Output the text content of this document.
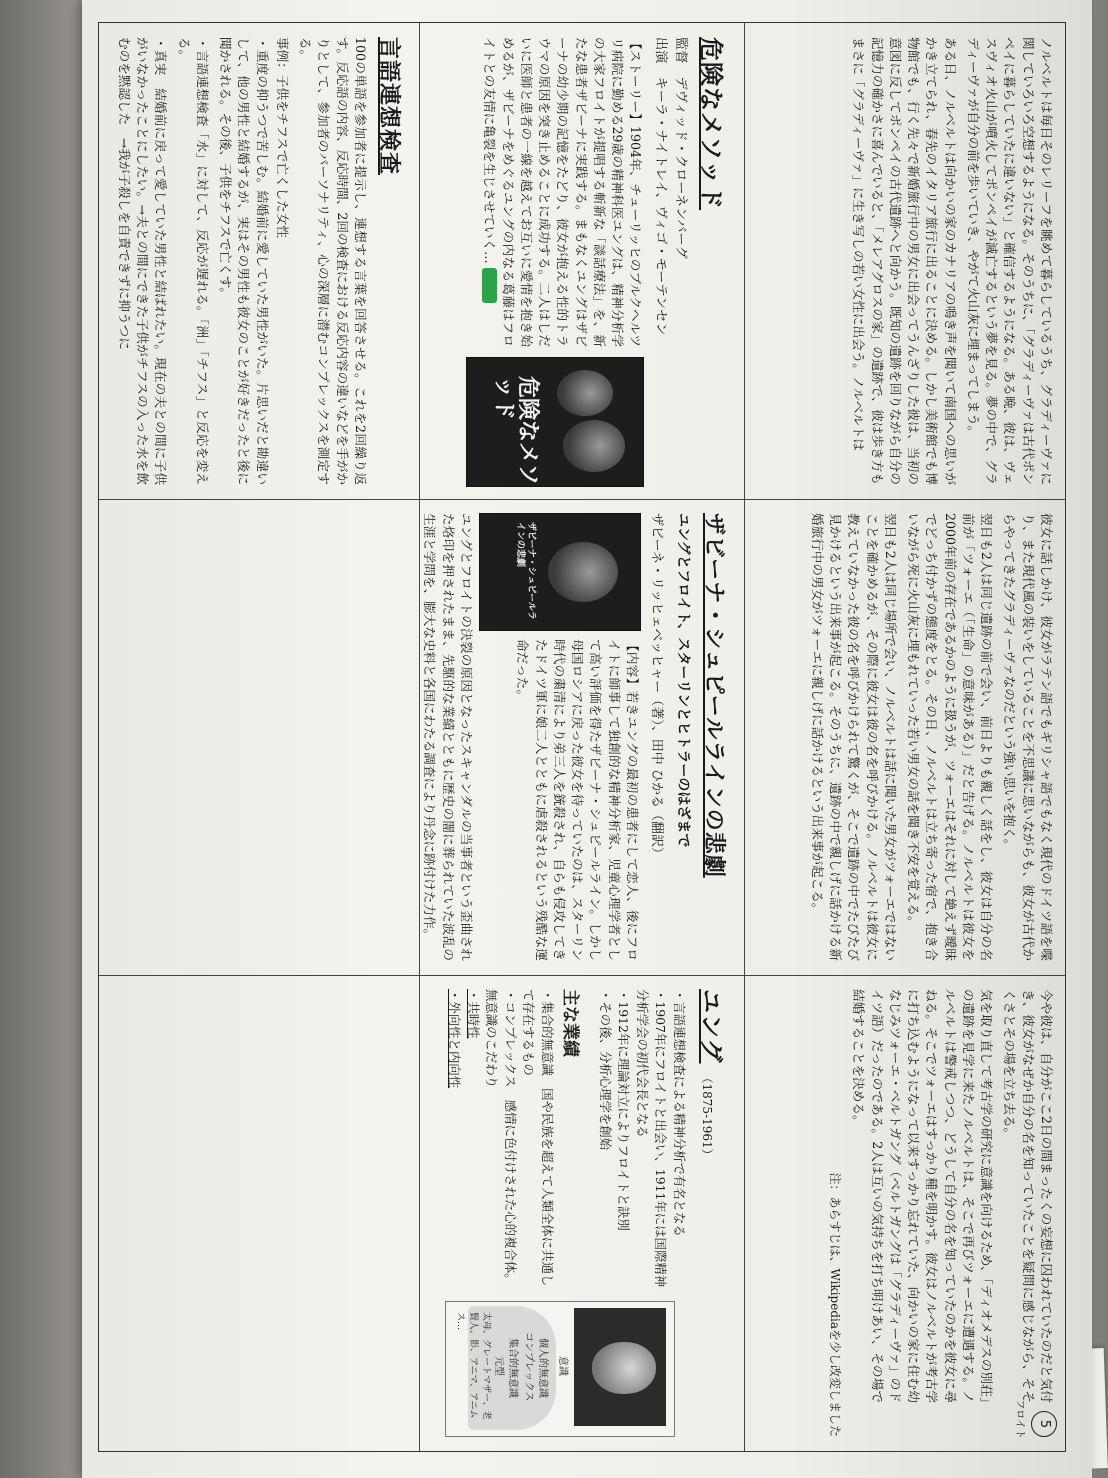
ノルベルトは毎日そのレリーフを眺めて暮らしているうち、グラディーヴァに関していろいろ空想するようになる。そのうちに、「グラディーヴァは古代ポンペイに暮らしていたに違いない」と確信するようになる。ある晩、彼は、ヴェスヴィオ火山が噴火してポンペイが滅亡するという夢を見る。夢の中で、グラディーヴァが自分の前を歩いていき、やがて火山灰に埋まってしまう。

ある日、ノルベルトは向かいの家のカナリアの鳴き声を聞いて南国への思いがかき立てられ、春先のイタリア旅行に出ることに決める。しかし美術館でも博物館でも、行く先々で新婚旅行中の男女に出会ってうんざりした彼は、当初の意図に反してポンペイの古代遺跡へと向かう。既知の遺跡を回りながら自分の記憶力の確かさに喜んでいると、「メレアグロスの家」の遺跡で、彼は歩き方もまさに「グラディーヴァ」に生き写しの若い女性に出会う。ノルベルトは

危険なメソッド
監督　デヴィッド・クローネンバーグ
出演　キーラ・ナイトレイ、ヴィゴ・モーテンセン

【ストーリー】1904年、チューリッヒのブルクヘルツリ病院に勤める29歳の精神科医ユングは、精神分析学の大家フロイトが提唱する斬新な「談話療法」を、新たな患者ザビーナに実践する。まもなくユングはザビーナの幼少期の記憶をたどり、彼女が抱える性的トラウマの原因を突き止めることに成功する。二人はしだいに医師と患者の一線を越えてお互いに愛情を抱き始めるが、ザビーナをめぐるユングの内なる葛藤はフロイトとの友情に亀裂を生じさせていく… ■■■

危険なメソッド
言語連想検査

100の単語を参加者に提示し、連想する言葉を回答させる。これを2回繰り返す。反応語の内容、反応時間、2回の検査における反応内容の違いなどを手がかりとして、参加者のパーソナリティ、心の深層に潜むコンプレックスを測定する。

事例：子供をチフスで亡くした女性

・重度の抑うつで苦しむ。結婚前に愛していた男性がいた。片思いだと勘違いして、他の男性と結婚するが、実はその男性も彼女のことが好きだったと後に聞かされる。その後、子供をチフスで亡くす。

・言語連想検査「水」に対して、反応が遅れる。「洲」「チフス」と反応を変える。

・真実　結婚前に戻って愛していた男性と結ばれたい。現在の夫との間に子供がいなかったことにしたい。→夫との間にできた子供がチフスの入った水を飲むのを黙認した　→我が子殺しを自責できずに抑うつに

彼女に話しかけ、彼女がラテン語でもギリシャ語でもなく現代のドイツ語を喋り、また現代風の装いをしていることを不思議に思いながらも、彼女が古代からやってきたグラディーヴァなのだという強い思いを抱く。

翌日も2人は同じ遺跡の前で会い、前日よりも親しく話をし、彼女は自分の名前が「ツォーエ（「生命」の意味がある）」だと告げる。ノルベルトは彼女を2000年前の存在であるかのように扱うが、ツォーエはそれに対して絶えず曖昧でどっち付かずの態度をとる。その日、ノルベルトは立ち寄った宿で、抱き合いながら死に火山灰に埋もれていった若い男女の話を聞き不安を覚える。

翌日も2人は同じ場所で会い、ノルベルトは話に聞いた男女がツォーエではないことを確かめるが、その際に彼女は彼の名を呼びかける。ノルベルトは彼女に教えていなかった彼の名を呼びかけられて驚くが、そこで遺跡の中でたびたび見かけるという出来事が起こる。そのうちに、遺跡の中で親しげに話かける新婚旅行中の男女がツォーエに親しげに話かけるという出来事が起こる。

ザビーナ・シュピールラインの悲劇
ユングとフロイト、スターリンとヒトラーのはざまで
ザビーネ・リッヒェベッヒャー（著）、田中 ひかる（翻訳）
ザビーナ・シュピールラインの悲劇

【内容】若きユングの最初の患者にして恋人、後にフロイトに師事して独創的な精神分析家、児童心理学者として高い評価を得たザビーナ・シュピールライン。しかし母国ロシアに戻った彼女を待っていたのは、スターリン時代の粛清により弟三人を銃殺され、自らも侵攻してきたドイツ軍に娘二人とともに虐殺されるという残酷な運命だった。

ユングとフロイトの決裂の原因となったスキャンダルの当事者という歪曲された烙印を押されたまま、先駆的な業績とともに歴史の闇に葬られていた波乱の生涯と学問を、膨大な史料と各国にわたる調査により丹念に跡付けた力作。

5
フロイト

今や彼は、自分がここ2日の間まったくの妄想に囚われていたのだと気付き、彼女がなぜか自分の名を知っていたことを疑問に感じながら、そそくさとその場を立ち去る。

気を取り直して考古学の研究に意識を向けるため、「ディオメデスの別荘」の遺跡を見学に来たノルベルトは、そこで再びツォーエに遭遇する。ノルベルトは警戒しつつ、どうして自分の名を知っていたのかを彼女に尋ねる。そこでツォーエはすっかり種を明かす。彼女はノルベルトが考古学に打ち込むようになって以来すっかり忘れていた、向かいの家に住む幼なじみツォーエ・ベルトガング（ベルトガングは「グラディーヴァ」のドイツ語）だったのである。2人は互いの気持ちを打ち明けあい、その場で結婚することを決める。

注：あらすじは、Wikipediaを少し改変しました
ユング
（1875-1961）
・言語連想検査による精神分析で有名となる
・1907年にフロイトと出会い、1911年には国際精神分析学会の初代会長となる
・1912年に理論対立によりフロイトと訣別
・その後、分析心理学を創始
主な業績
・集合的無意識　国や民族を超えて人類全体に共通して存在するもの
・コンプレックス　感情に色付けされた心的複合体。無意識のこだわり
・共時性
・外向性と内向性
意識
個人的無意識
コンプレックス
集合的無意識
元型
太母、グレートマザー、老賢人、影、アニマ、アニムス…
